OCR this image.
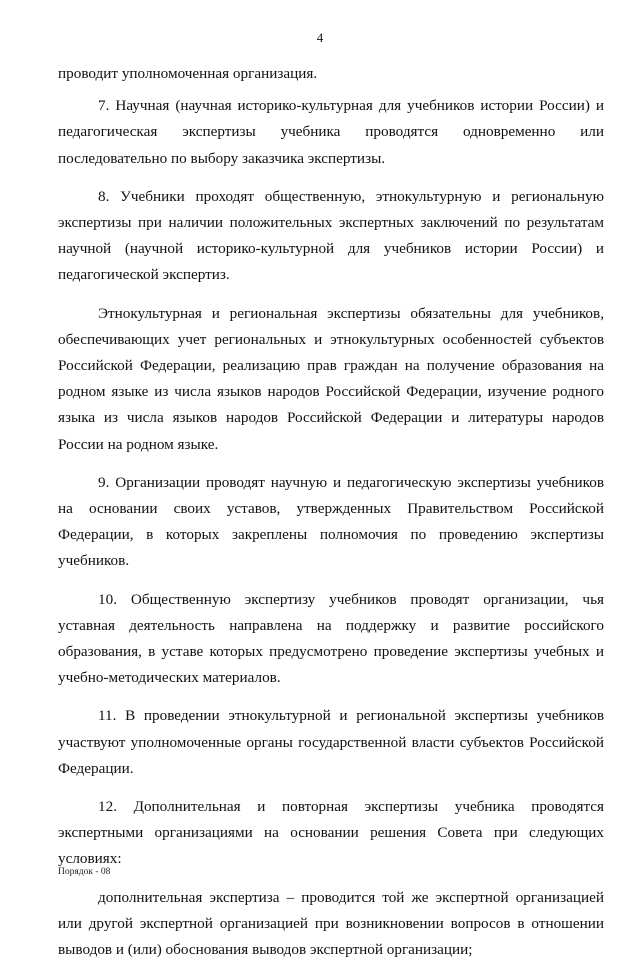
4

проводит уполномоченная организация.

7. Научная (научная историко-культурная для учебников истории России) и педагогическая экспертизы учебника проводятся одновременно или последовательно по выбору заказчика экспертизы.

8. Учебники проходят общественную, этнокультурную и региональную экспертизы при наличии положительных экспертных заключений по результатам научной (научной историко-культурной для учебников истории России) и педагогической экспертиз.

Этнокультурная и региональная экспертизы обязательны для учебников, обеспечивающих учет региональных и этнокультурных особенностей субъектов Российской Федерации, реализацию прав граждан на получение образования на родном языке из числа языков народов Российской Федерации, изучение родного языка из числа языков народов Российской Федерации и литературы народов России на родном языке.

9. Организации проводят научную и педагогическую экспертизы учебников на основании своих уставов, утвержденных Правительством Российской Федерации, в которых закреплены полномочия по проведению экспертизы учебников.

10. Общественную экспертизу учебников проводят организации, чья уставная деятельность направлена на поддержку и развитие российского образования, в уставе которых предусмотрено проведение экспертизы учебных и учебно-методических материалов.

11. В проведении этнокультурной и региональной экспертизы учебников участвуют уполномоченные органы государственной власти субъектов Российской Федерации.

12. Дополнительная и повторная экспертизы учебника проводятся экспертными организациями на основании решения Совета при следующих условиях:

дополнительная экспертиза – проводится той же экспертной организацией или другой экспертной организацией при возникновении вопросов в отношении выводов и (или) обоснования выводов экспертной организации;

Порядок - 08
